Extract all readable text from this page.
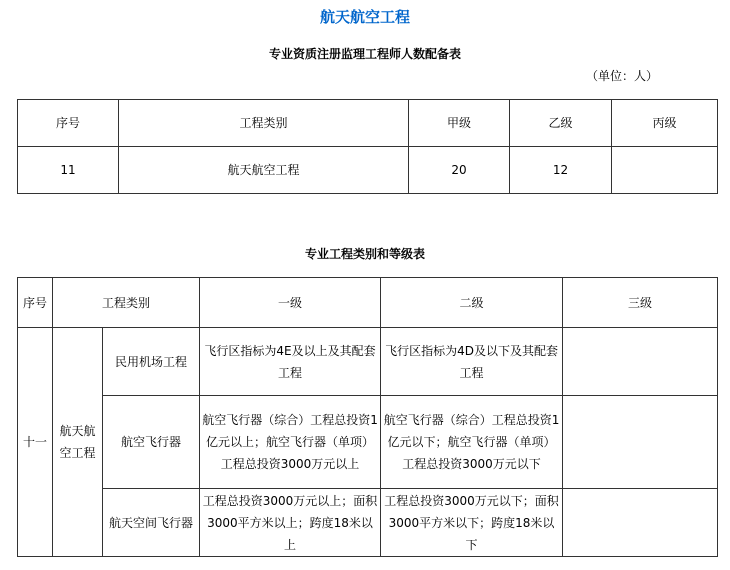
航天航空工程
专业资质注册监理工程师人数配备表
（单位：人）
序号	工程类别	甲级	乙级	丙级
11	航天航空工程	20	12	
专业工程类别和等级表
序号	工程类别		一级	二级	三级
十一	航天航空工程	民用机场工程	飞行区指标为4E及以上及其配套工程	飞行区指标为4D及以下及其配套工程	

		航空飞行器	航空飞行器（综合）工程总投资1亿元以上；航空飞行器（单项）工程总投资3000万元以上	航空飞行器（综合）工程总投资1亿元以下；航空飞行器（单项）工程总投资3000万元以下	

		航天空间飞行器	工程总投资3000万元以上；面积3000平方米以上；跨度18米以上	工程总投资3000万元以下；面积3000平方米以下；跨度18米以下	
